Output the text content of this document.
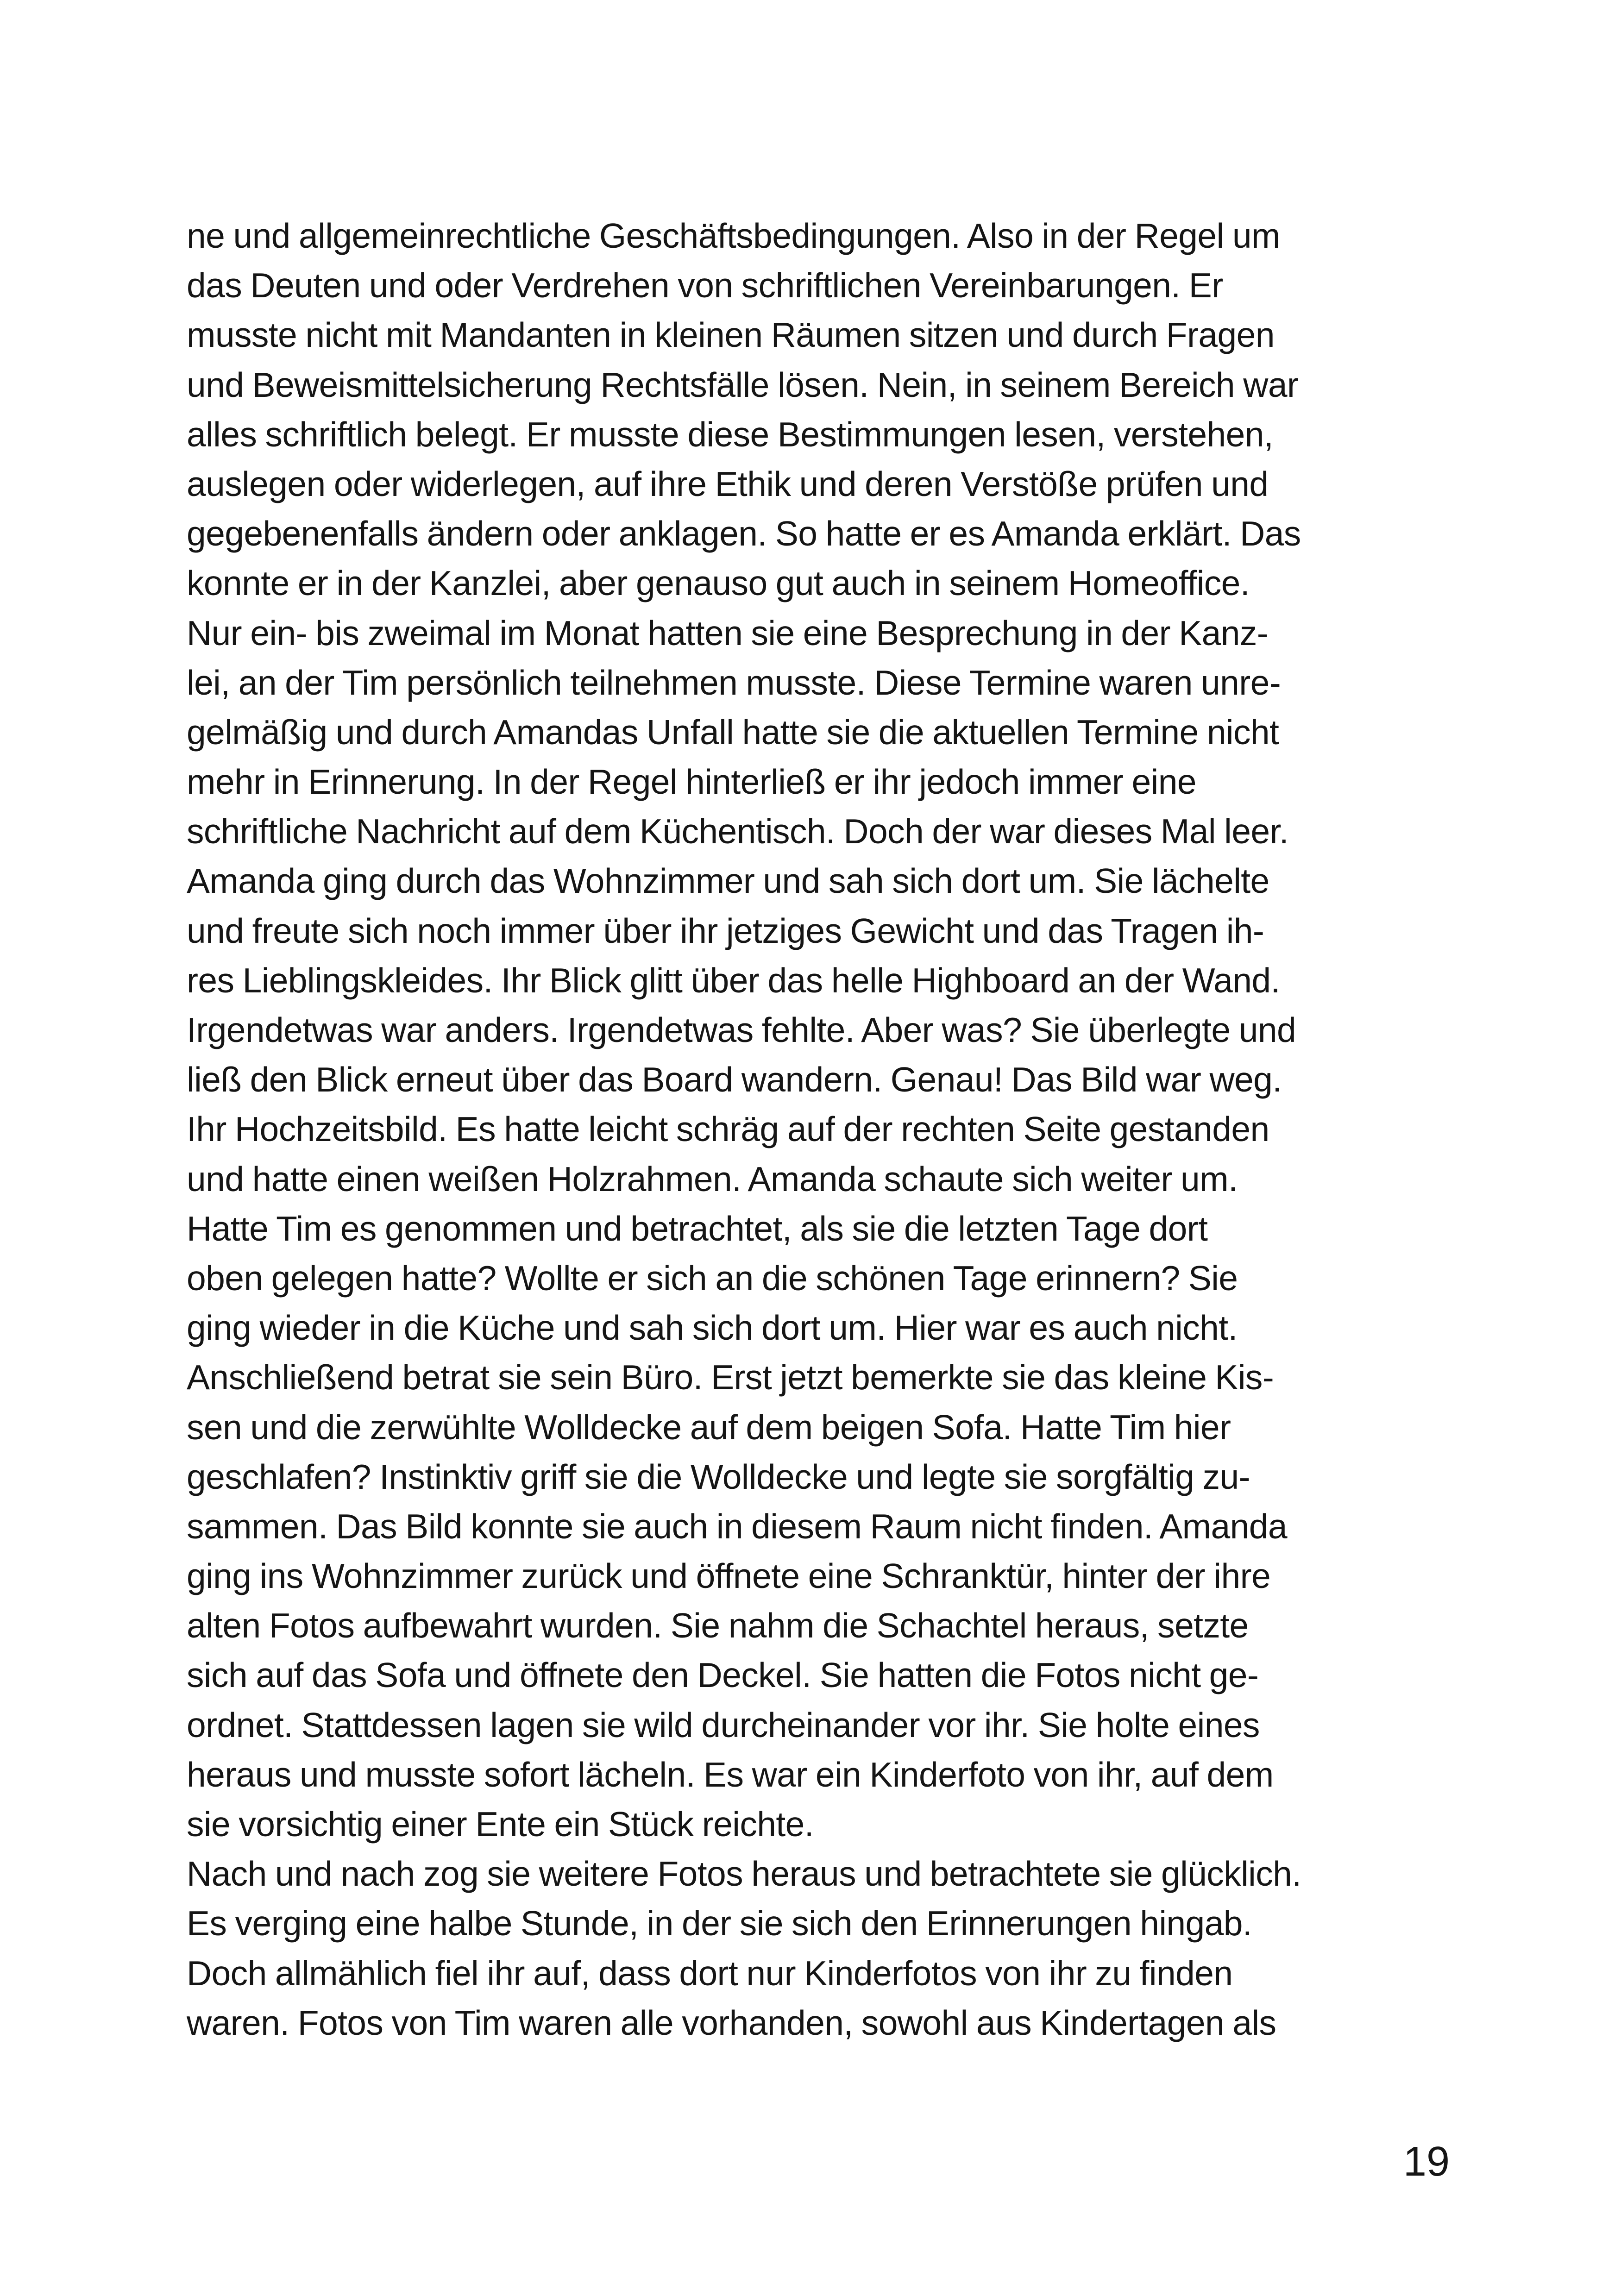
ne und allgemeinrechtliche Geschäftsbedingungen. Also in der Regel um
das Deuten und oder Verdrehen von schriftlichen Vereinbarungen. Er
musste nicht mit Mandanten in kleinen Räumen sitzen und durch Fragen
und Beweismittelsicherung Rechtsfälle lösen. Nein, in seinem Bereich war
alles schriftlich belegt. Er musste diese Bestimmungen lesen, verstehen,
auslegen oder widerlegen, auf ihre Ethik und deren Verstöße prüfen und
gegebenenfalls ändern oder anklagen. So hatte er es Amanda erklärt. Das
konnte er in der Kanzlei, aber genauso gut auch in seinem Homeoffice.
Nur ein- bis zweimal im Monat hatten sie eine Besprechung in der Kanz-
lei, an der Tim persönlich teilnehmen musste. Diese Termine waren unre-
gelmäßig und durch Amandas Unfall hatte sie die aktuellen Termine nicht
mehr in Erinnerung. In der Regel hinterließ er ihr jedoch immer eine
schriftliche Nachricht auf dem Küchentisch. Doch der war dieses Mal leer.
Amanda ging durch das Wohnzimmer und sah sich dort um. Sie lächelte
und freute sich noch immer über ihr jetziges Gewicht und das Tragen ih-
res Lieblingskleides. Ihr Blick glitt über das helle Highboard an der Wand.
Irgendetwas war anders. Irgendetwas fehlte. Aber was? Sie überlegte und
ließ den Blick erneut über das Board wandern. Genau! Das Bild war weg.
Ihr Hochzeitsbild. Es hatte leicht schräg auf der rechten Seite gestanden
und hatte einen weißen Holzrahmen. Amanda schaute sich weiter um.
Hatte Tim es genommen und betrachtet, als sie die letzten Tage dort
oben gelegen hatte? Wollte er sich an die schönen Tage erinnern? Sie
ging wieder in die Küche und sah sich dort um. Hier war es auch nicht.
Anschließend betrat sie sein Büro. Erst jetzt bemerkte sie das kleine Kis-
sen und die zerwühlte Wolldecke auf dem beigen Sofa. Hatte Tim hier
geschlafen? Instinktiv griff sie die Wolldecke und legte sie sorgfältig zu-
sammen. Das Bild konnte sie auch in diesem Raum nicht finden. Amanda
ging ins Wohnzimmer zurück und öffnete eine Schranktür, hinter der ihre
alten Fotos aufbewahrt wurden. Sie nahm die Schachtel heraus, setzte
sich auf das Sofa und öffnete den Deckel. Sie hatten die Fotos nicht ge-
ordnet. Stattdessen lagen sie wild durcheinander vor ihr. Sie holte eines
heraus und musste sofort lächeln. Es war ein Kinderfoto von ihr, auf dem
sie vorsichtig einer Ente ein Stück reichte.
Nach und nach zog sie weitere Fotos heraus und betrachtete sie glücklich.
Es verging eine halbe Stunde, in der sie sich den Erinnerungen hingab.
Doch allmählich fiel ihr auf, dass dort nur Kinderfotos von ihr zu finden
waren. Fotos von Tim waren alle vorhanden, sowohl aus Kindertagen als
19
